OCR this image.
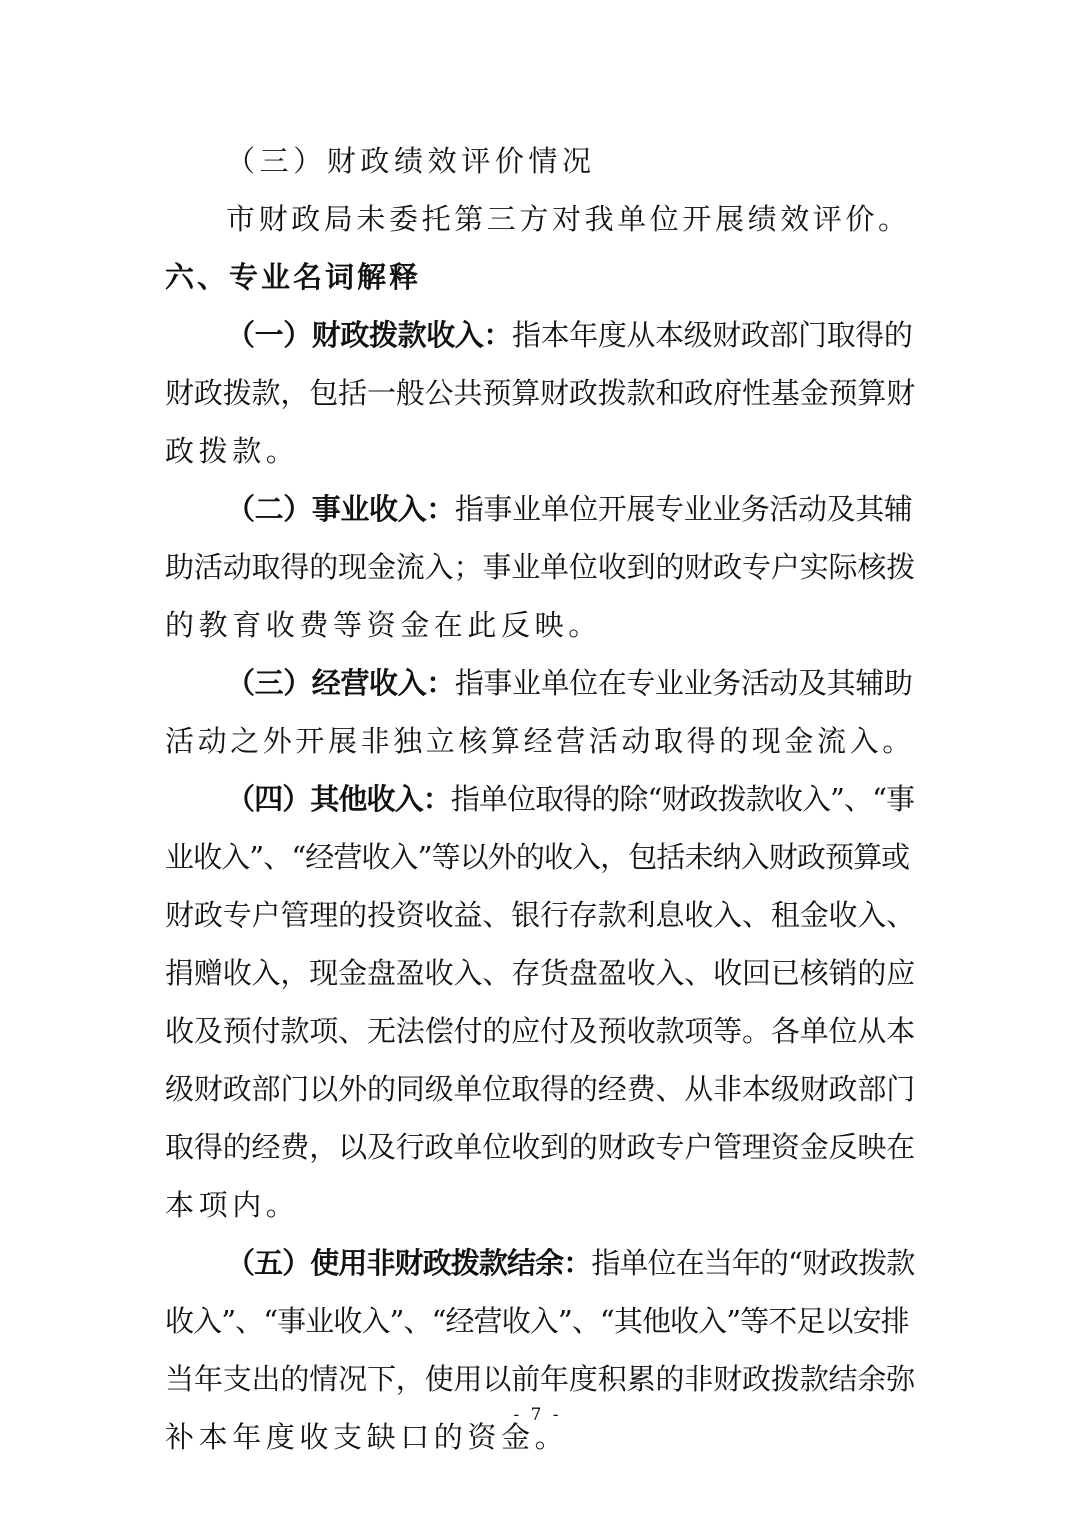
（三）财政绩效评价情况
市财政局未委托第三方对我单位开展绩效评价。
六、专业名词解释
（一）财政拨款收入：指本年度从本级财政部门取得的
财政拨款，包括一般公共预算财政拨款和政府性基金预算财
政拨款。
（二）事业收入：指事业单位开展专业业务活动及其辅
助活动取得的现金流入；事业单位收到的财政专户实际核拨
的教育收费等资金在此反映。
（三）经营收入：指事业单位在专业业务活动及其辅助
活动之外开展非独立核算经营活动取得的现金流入。
（四）其他收入：指单位取得的除“财政拨款收入”、“事
业收入”、“经营收入”等以外的收入，包括未纳入财政预算或
财政专户管理的投资收益、银行存款利息收入、租金收入、
捐赠收入，现金盘盈收入、存货盘盈收入、收回已核销的应
收及预付款项、无法偿付的应付及预收款项等。各单位从本
级财政部门以外的同级单位取得的经费、从非本级财政部门
取得的经费，以及行政单位收到的财政专户管理资金反映在
本项内。
（五）使用非财政拨款结余：指单位在当年的“财政拨款
收入”、“事业收入”、“经营收入”、“其他收入”等不足以安排
当年支出的情况下，使用以前年度积累的非财政拨款结余弥
补本年度收支缺口的资金。
- 7 -
